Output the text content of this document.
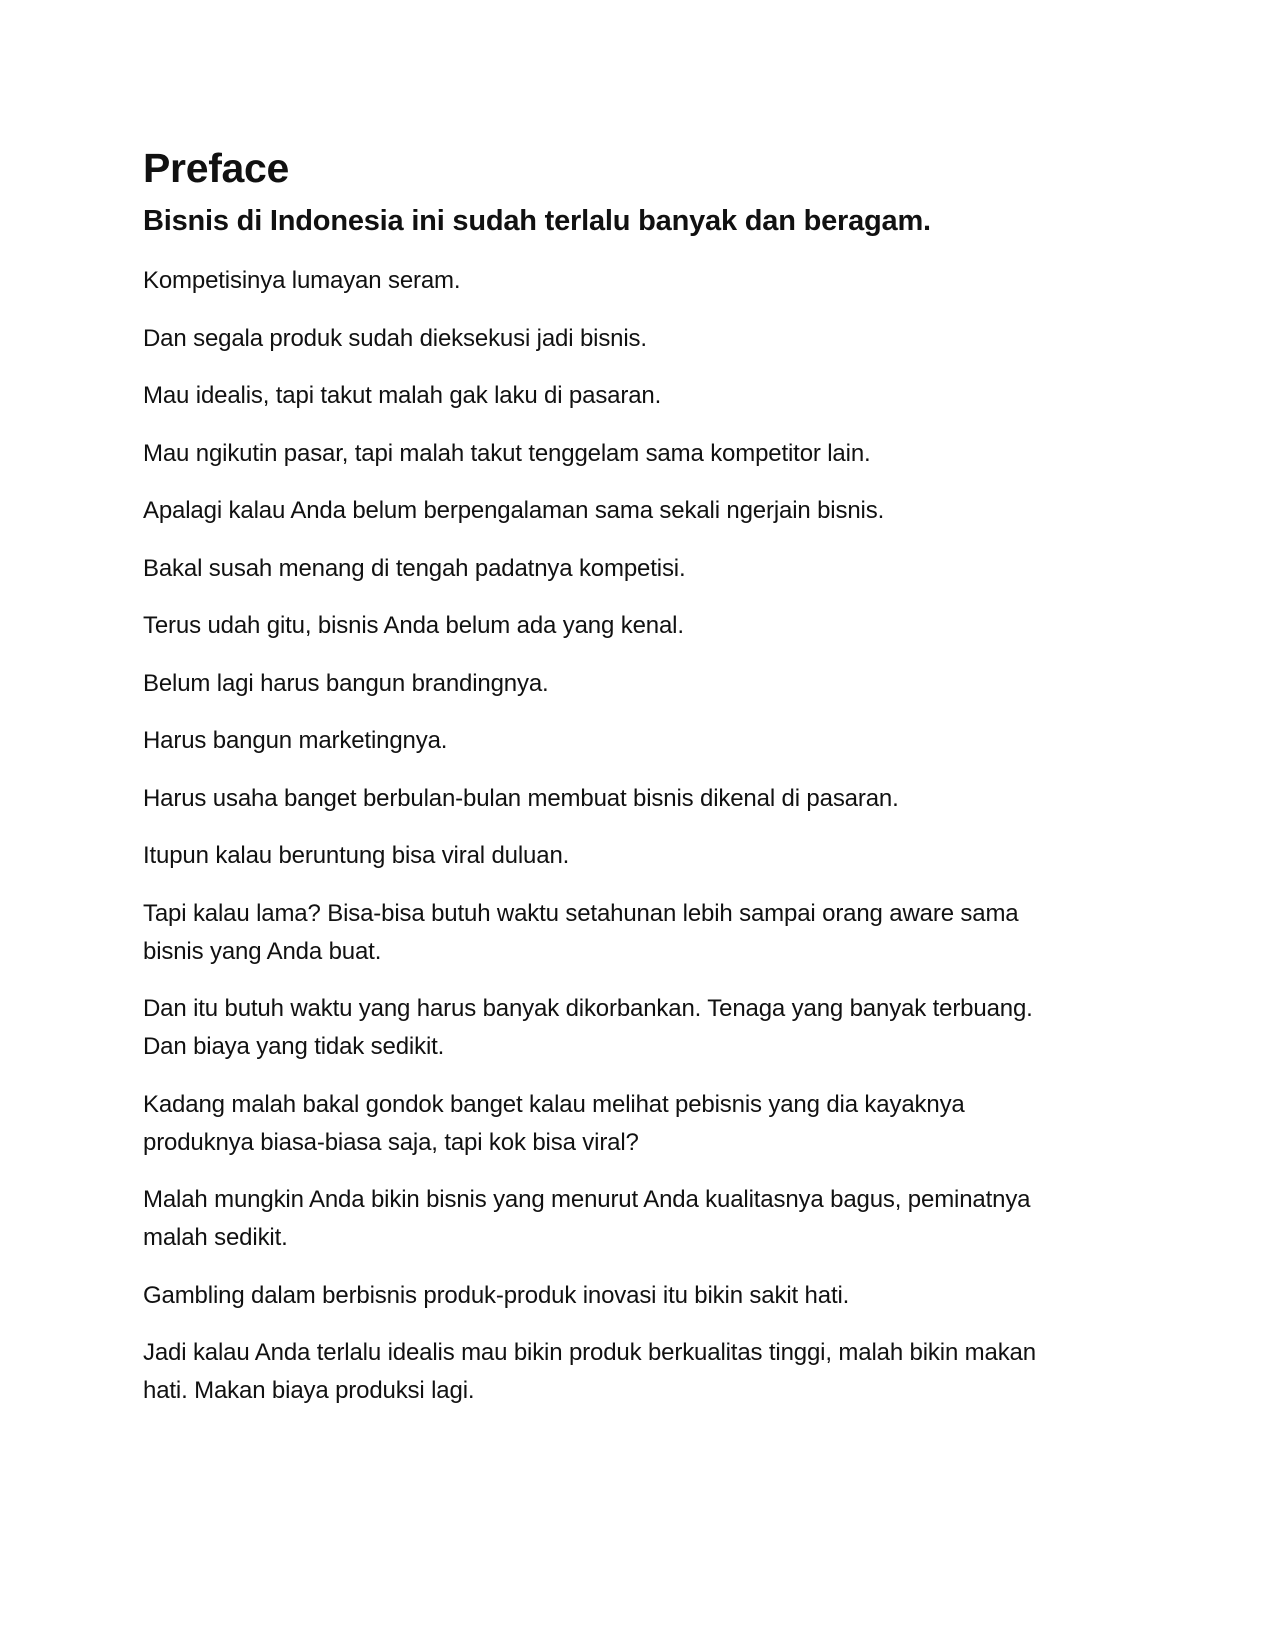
Preface
Bisnis di Indonesia ini sudah terlalu banyak dan beragam.

Kompetisinya lumayan seram.

Dan segala produk sudah dieksekusi jadi bisnis.

Mau idealis, tapi takut malah gak laku di pasaran.

Mau ngikutin pasar, tapi malah takut tenggelam sama kompetitor lain.

Apalagi kalau Anda belum berpengalaman sama sekali ngerjain bisnis.

Bakal susah menang di tengah padatnya kompetisi.

Terus udah gitu, bisnis Anda belum ada yang kenal.

Belum lagi harus bangun brandingnya.

Harus bangun marketingnya.

Harus usaha banget berbulan-bulan membuat bisnis dikenal di pasaran.

Itupun kalau beruntung bisa viral duluan.

Tapi kalau lama? Bisa-bisa butuh waktu setahunan lebih sampai orang aware sama bisnis yang Anda buat.

Dan itu butuh waktu yang harus banyak dikorbankan. Tenaga yang banyak terbuang. Dan biaya yang tidak sedikit.

Kadang malah bakal gondok banget kalau melihat pebisnis yang dia kayaknya produknya biasa-biasa saja, tapi kok bisa viral?

Malah mungkin Anda bikin bisnis yang menurut Anda kualitasnya bagus, peminatnya malah sedikit.

Gambling dalam berbisnis produk-produk inovasi itu bikin sakit hati.

Jadi kalau Anda terlalu idealis mau bikin produk berkualitas tinggi, malah bikin makan hati. Makan biaya produksi lagi.
